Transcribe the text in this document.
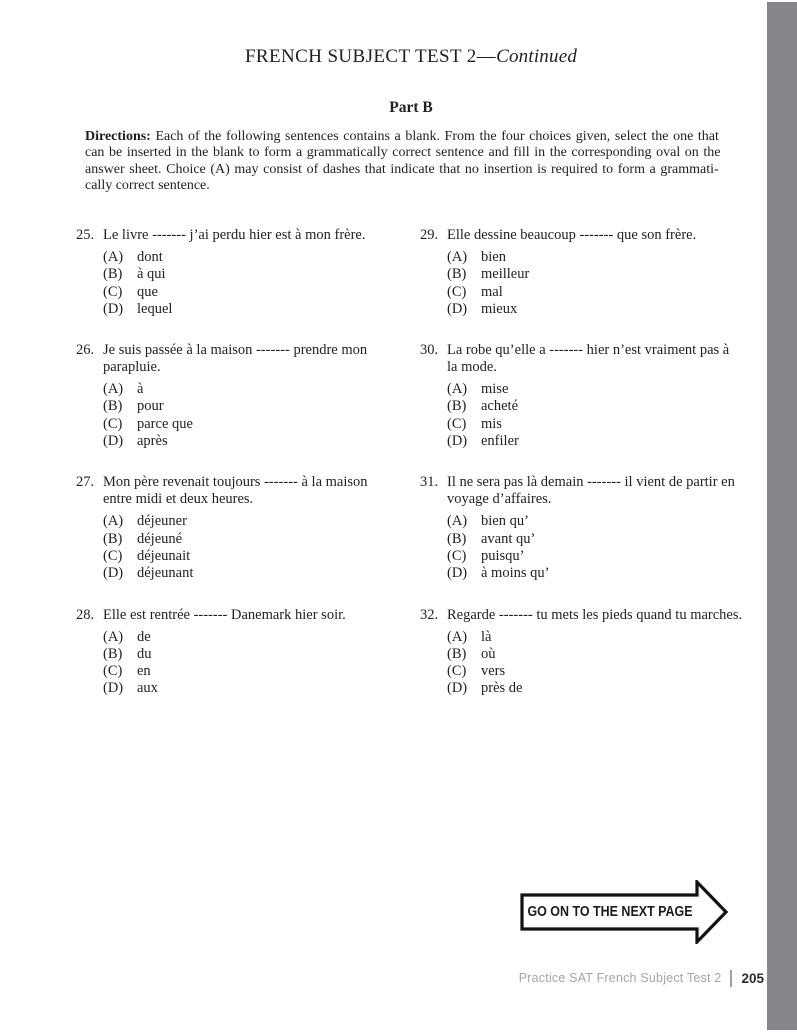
FRENCH SUBJECT TEST 2—Continued
Part B
Directions: Each of the following sentences contains a blank. From the four choices given, select the one that
can be inserted in the blank to form a grammatically correct sentence and fill in the corresponding oval on the
answer sheet. Choice (A) may consist of dashes that indicate that no insertion is required to form a grammati-
cally correct sentence.
25. Le livre ------- j’ai perdu hier est à mon frère.
(A) dont
(B)	à qui
(C)	que
(D) lequel
26. Je suis passée à la maison ------- prendre mon
parapluie.
(A) à
(B)	pour
(C)	parce que
(D) après
27. Mon père revenait toujours ------- à la maison
entre midi et deux heures.
(A) déjeuner
(B)	déjeuné
(C)	déjeunait
(D) déjeunant
28. Elle est rentrée ------- Danemark hier soir.
(A) de
(B)	du
(C)	en
(D) aux
29. Elle dessine beaucoup ------- que son frère.
(A) bien
(B)	meilleur
(C)	mal
(D) mieux
30. La robe qu’elle a ------- hier n’est vraiment pas à
la mode.
(A) mise
(B)	acheté
(C)	mis
(D) enfiler
31. Il ne sera pas là demain ------- il vient de partir en
voyage d’affaires.
(A) bien qu’
(B)	avant qu’
(C)	puisqu’
(D) à moins qu’
32. Regarde ------- tu mets les pieds quand tu marches.
(A) là
(B)	où
(C)	vers
(D) près de
GO ON TO THE NEXT PAGE
Practice SAT French Subject Test 2 205
